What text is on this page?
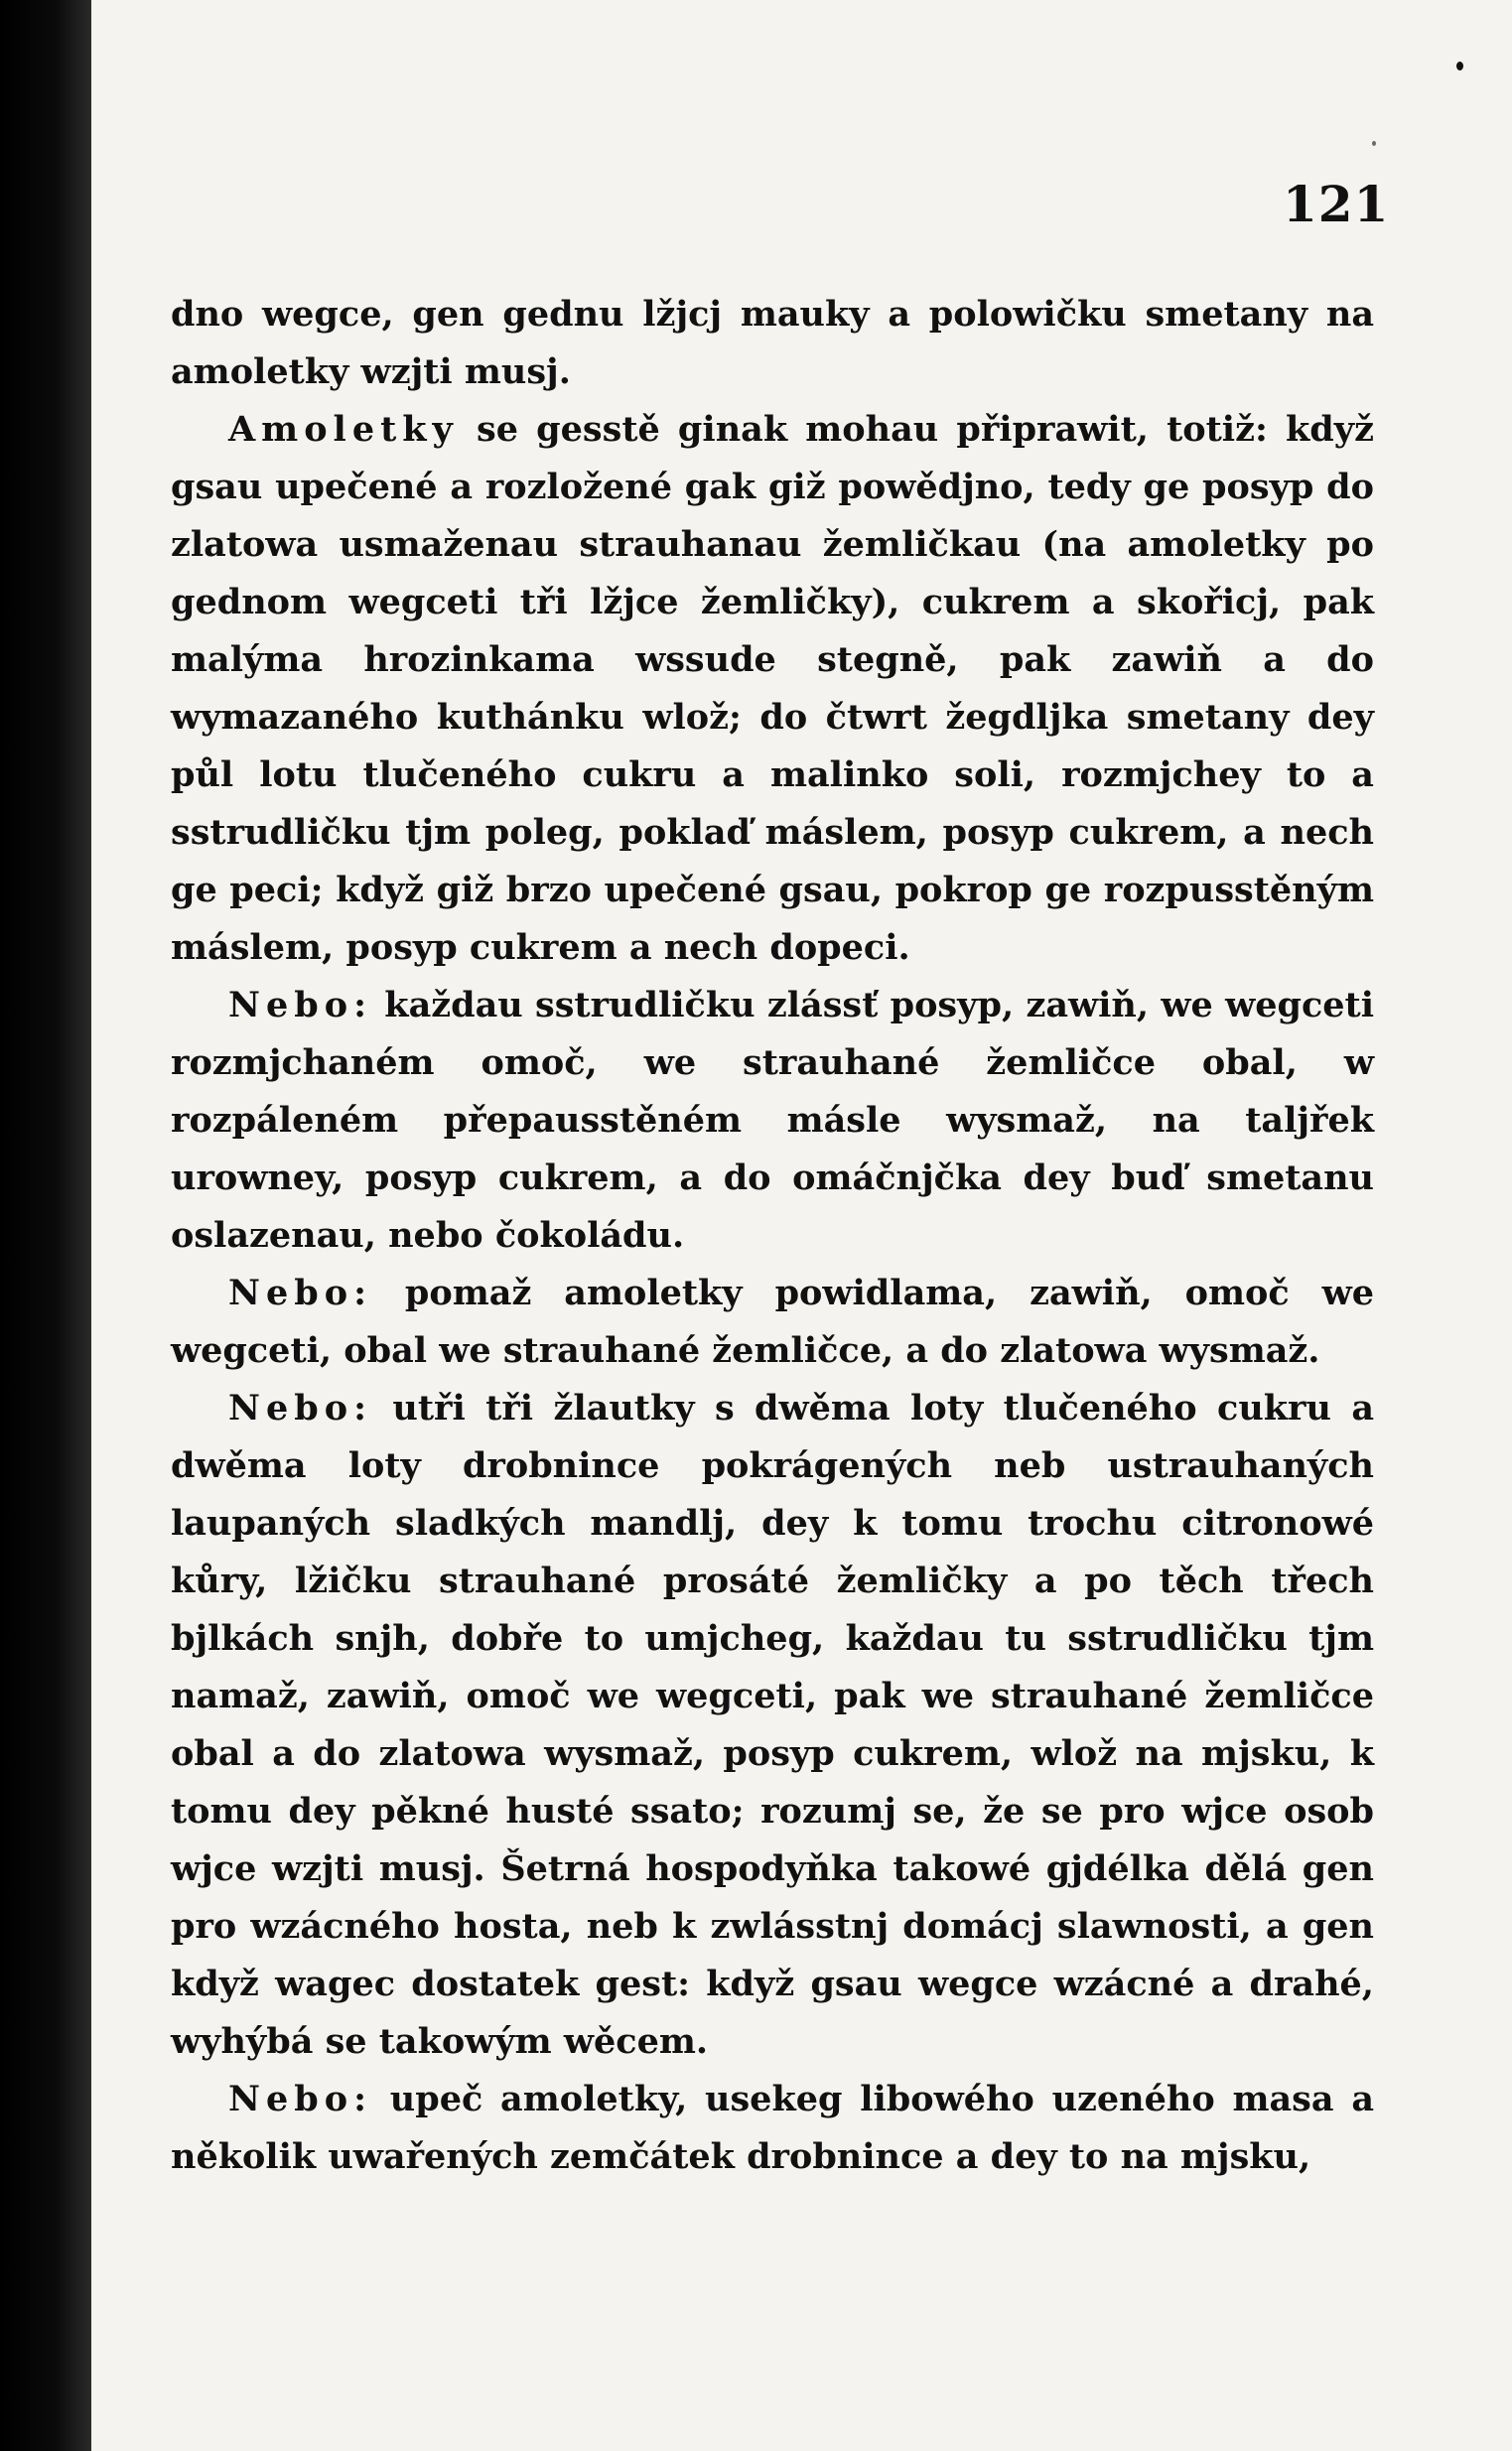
121

dno wegce, gen gednu lžjcj mauky a polowičku smetany na amoletky wzjti musj.

Amoletky se gesstě ginak mohau připrawit, totiž: když gsau upečené a rozložené gak giž powědjno, tedy ge posyp do zlatowa usmaženau strauhanau žemličkau (na amoletky po gednom wegceti tři lžjce žemličky), cukrem a skořicj, pak malýma hrozinkama wssude stegně, pak zawiň a do wymazaného kuthánku wlož; do čtwrt žegdljka smetany dey půl lotu tlučeného cukru a malinko soli, rozmjchey to a sstrudličku tjm poleg, poklaď máslem, posyp cukrem, a nech ge peci; když giž brzo upečené gsau, pokrop ge rozpusstěným máslem, posyp cukrem a nech dopeci.

Nebo: každau sstrudličku zlássť posyp, zawiň, we wegceti rozmjchaném omoč, we strauhané žemličce obal, w rozpáleném přepausstěném másle wysmaž, na talјřek urowney, posyp cukrem, a do omáčnjčka dey buď smetanu oslazenau, nebo čokoládu.

Nebo: pomaž amoletky powidlama, zawiň, omoč we wegceti, obal we strauhané žemličce, a do zlatowa wysmaž.

Nebo: utři tři žlautky s dwěma loty tlučeného cukru a dwěma loty drobnince pokrágených neb ustrauhaných laupaných sladkých mandlj, dey k tomu trochu citronowé kůry, lžičku strauhané prosáté žemličky a po těch třech bjlkách snjh, dobře to umjcheg, každau tu sstrudličku tjm namaž, zawiň, omoč we wegceti, pak we strauhané žemličce obal a do zlatowa wysmaž, posyp cukrem, wlož na mjsku, k tomu dey pěkné husté ssato; rozumj se, že se pro wjce osob wjce wzjti musj. Šetrná hospodyňka takowé gjdélka dělá gen pro wzácného hosta, neb k zwlásstnj domácj slawnosti, a gen když wagec dostatek gest: když gsau wegce wzácné a drahé, wyhýbá se takowým wěcem.

Nebo: upeč amoletky, usekeg libowého uzeného masa a několik uwařených zemčátek drobnince a dey to na mjsku,
